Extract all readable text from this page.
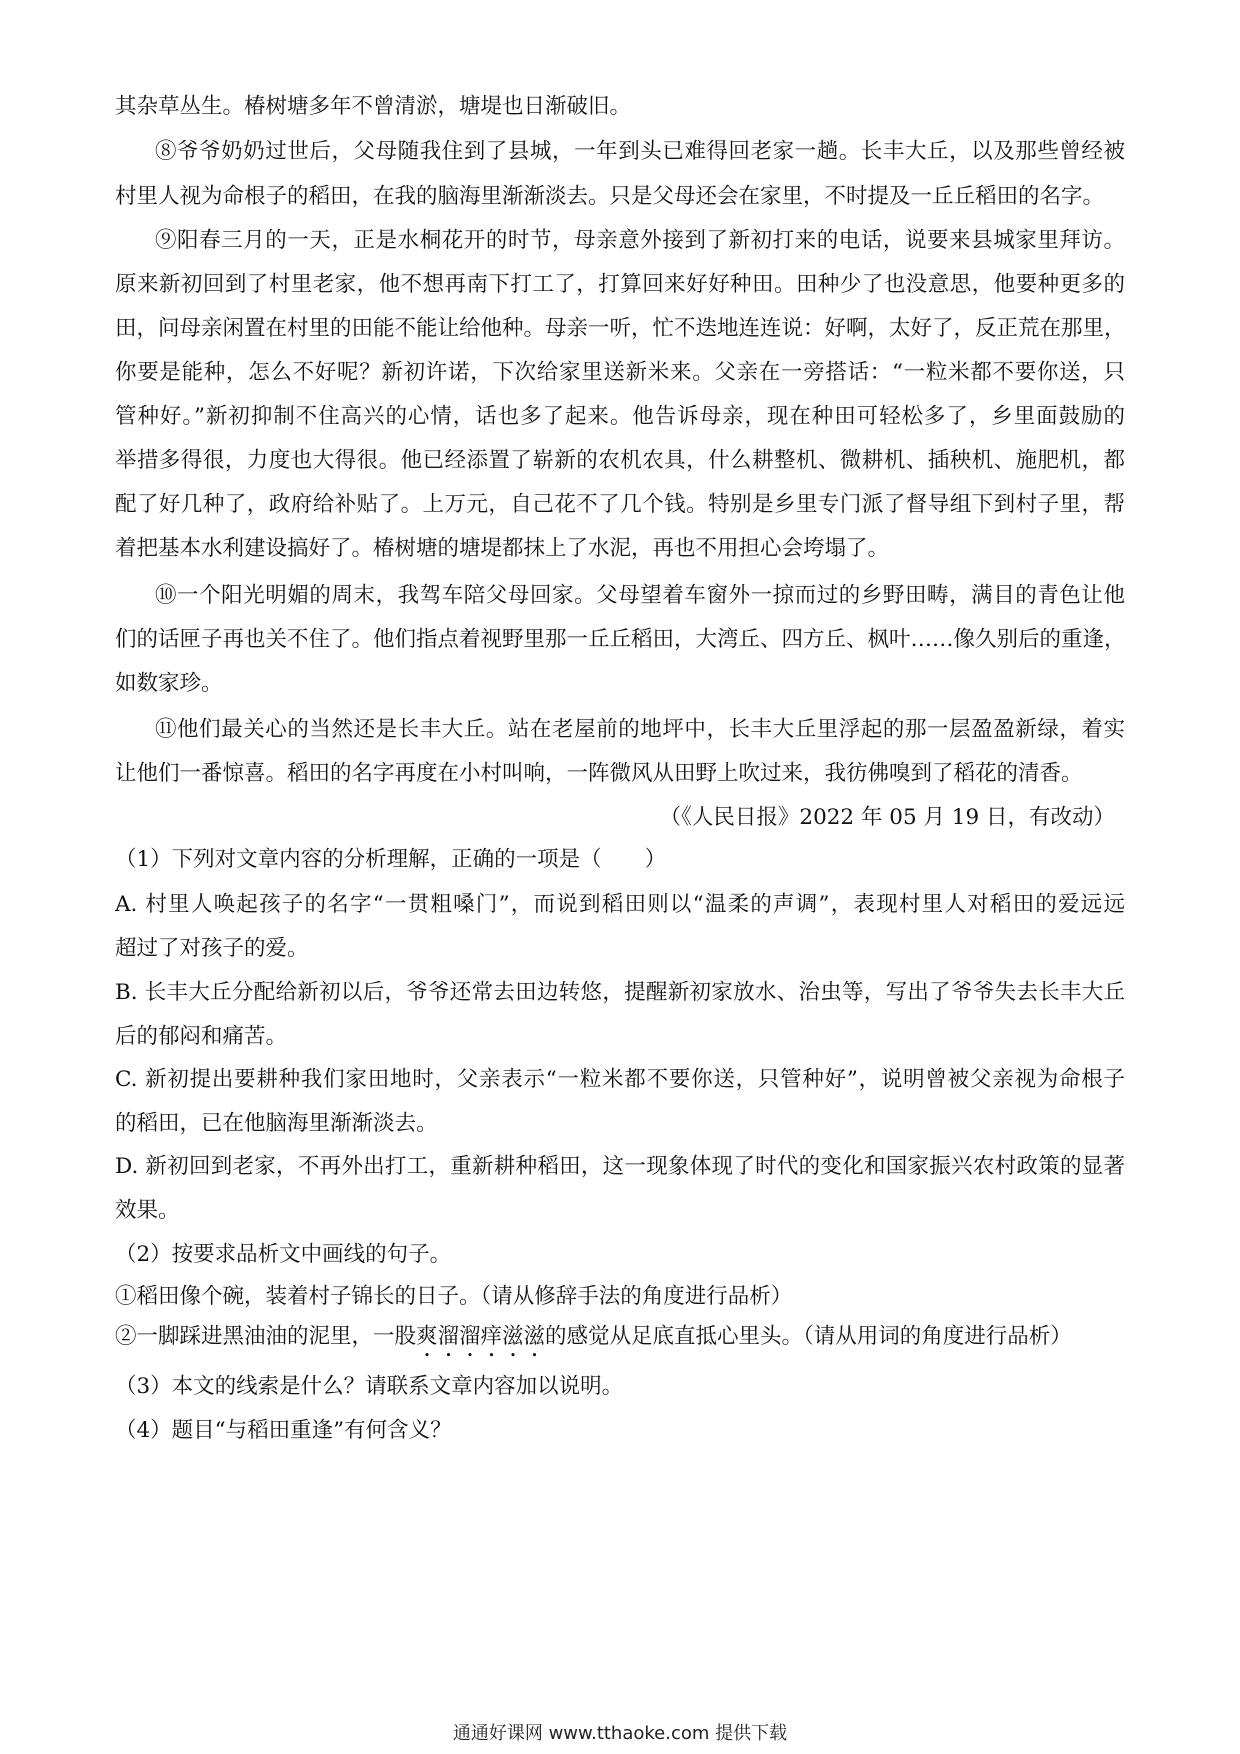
其杂草丛生。椿树塘多年不曾清淤，塘堤也日渐破旧。
⑧爷爷奶奶过世后，父母随我住到了县城，一年到头已难得回老家一趟。长丰大丘，以及那些曾经被
村里人视为命根子的稻田，在我的脑海里渐渐淡去。只是父母还会在家里，不时提及一丘丘稻田的名字。
⑨阳春三月的一天，正是水桐花开的时节，母亲意外接到了新初打来的电话，说要来县城家里拜访。
原来新初回到了村里老家，他不想再南下打工了，打算回来好好种田。田种少了也没意思，他要种更多的
田，问母亲闲置在村里的田能不能让给他种。母亲一听，忙不迭地连连说：好啊，太好了，反正荒在那里，
你要是能种，怎么不好呢？新初许诺，下次给家里送新米来。父亲在一旁搭话：“一粒米都不要你送，只
管种好。”新初抑制不住高兴的心情，话也多了起来。他告诉母亲，现在种田可轻松多了，乡里面鼓励的
举措多得很，力度也大得很。他已经添置了崭新的农机农具，什么耕整机、微耕机、插秧机、施肥机，都
配了好几种了，政府给补贴了。上万元，自己花不了几个钱。特别是乡里专门派了督导组下到村子里，帮
着把基本水利建设搞好了。椿树塘的塘堤都抹上了水泥，再也不用担心会垮塌了。
⑩一个阳光明媚的周末，我驾车陪父母回家。父母望着车窗外一掠而过的乡野田畴，满目的青色让他
们的话匣子再也关不住了。他们指点着视野里那一丘丘稻田，大湾丘、四方丘、枫叶……像久别后的重逢，
如数家珍。
⑪他们最关心的当然还是长丰大丘。站在老屋前的地坪中，长丰大丘里浮起的那一层盈盈新绿，着实
让他们一番惊喜。稻田的名字再度在小村叫响，一阵微风从田野上吹过来，我彷佛嗅到了稻花的清香。
（《人民日报》2022 年 05 月 19 日，有改动）
（1）下列对文章内容的分析理解，正确的一项是（　　）
A. 村里人唤起孩子的名字“一贯粗嗓门”，而说到稻田则以“温柔的声调”，表现村里人对稻田的爱远远
超过了对孩子的爱。
B. 长丰大丘分配给新初以后，爷爷还常去田边转悠，提醒新初家放水、治虫等，写出了爷爷失去长丰大丘
后的郁闷和痛苦。
C. 新初提出要耕种我们家田地时，父亲表示“一粒米都不要你送，只管种好”，说明曾被父亲视为命根子
的稻田，已在他脑海里渐渐淡去。
D. 新初回到老家，不再外出打工，重新耕种稻田，这一现象体现了时代的变化和国家振兴农村政策的显著
效果。
（2）按要求品析文中画线的句子。
①稻田像个碗，装着村子锦长的日子。（请从修辞手法的角度进行品析）
②一脚踩进黑油油的泥里，一股爽溜溜痒滋滋的感觉从足底直抵心里头。（请从用词的角度进行品析）
（3）本文的线索是什么？请联系文章内容加以说明。
（4）题目“与稻田重逢”有何含义？
通通好课网 www.tthaoke.com 提供下载
